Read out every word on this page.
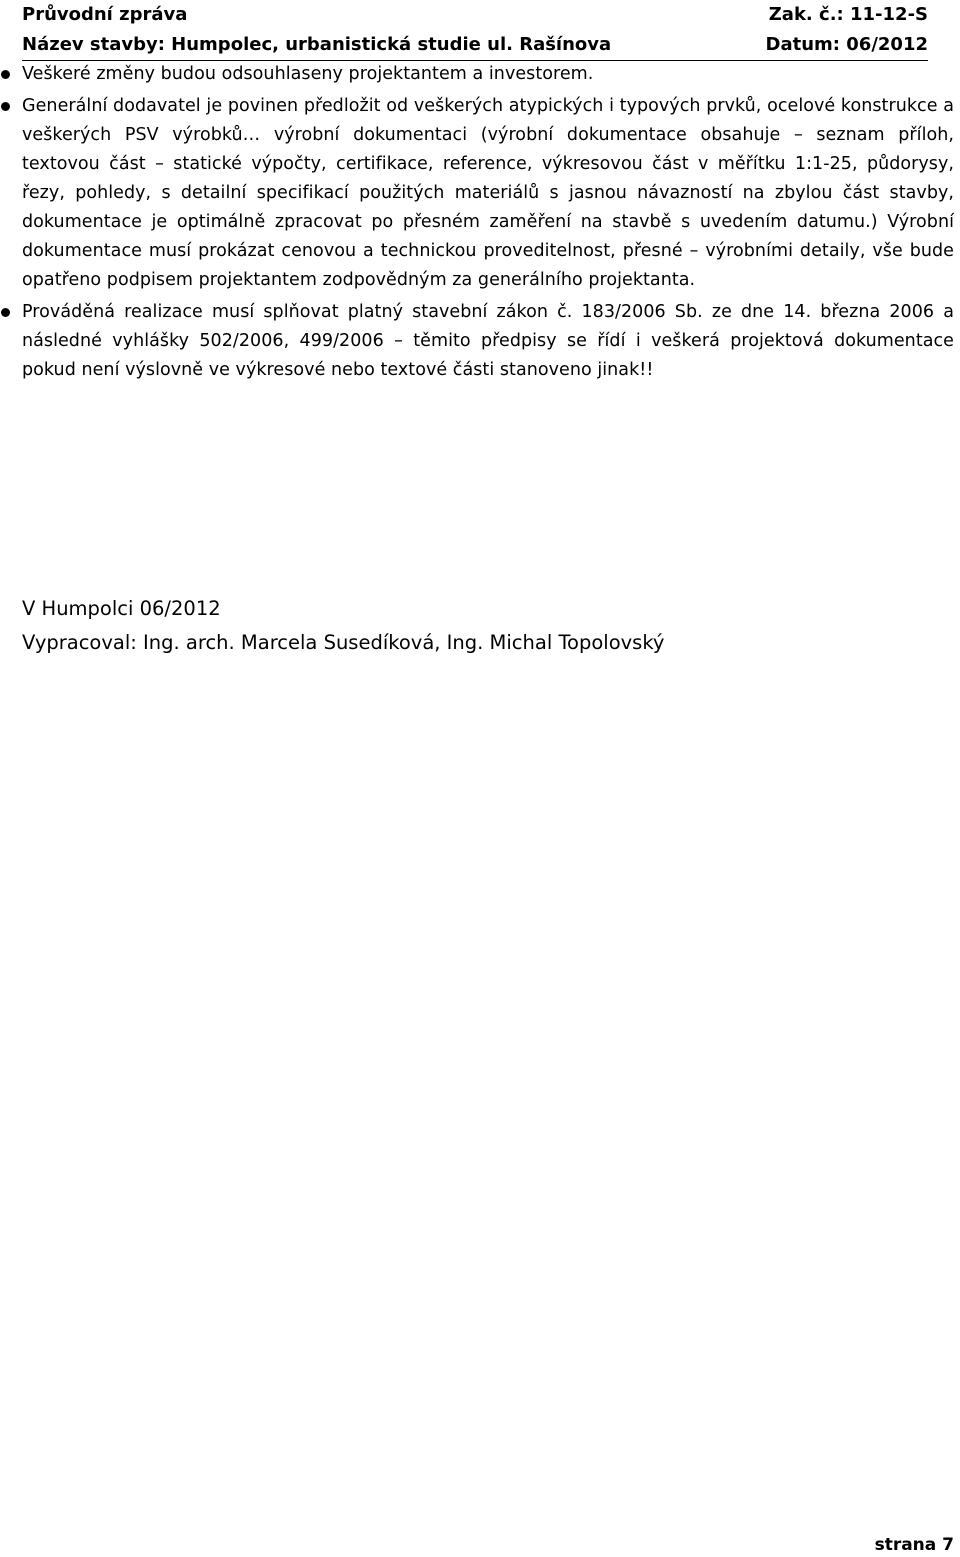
Průvodní zpráva	Zak. č.: 11-12-S
Název stavby: Humpolec, urbanistická studie ul. Rašínova	Datum: 06/2012
Veškeré změny budou odsouhlaseny projektantem a investorem.
Generální dodavatel je povinen předložit od veškerých atypických i typových prvků, ocelové konstrukce a veškerých PSV výrobků… výrobní dokumentaci (výrobní dokumentace obsahuje – seznam příloh, textovou část – statické výpočty, certifikace, reference, výkresovou část v měřítku 1:1-25, půdorysy, řezy, pohledy, s detailní specifikací použitých materiálů s jasnou návazností na zbylou část stavby, dokumentace je optimálně zpracovat po přesném zaměření na stavbě s uvedením datumu.) Výrobní dokumentace musí prokázat cenovou a technickou proveditelnost, přesné – výrobními detaily, vše bude opatřeno podpisem projektantem zodpovědným za generálního projektanta.
Prováděná realizace musí splňovat platný stavební zákon č. 183/2006 Sb. ze dne 14. března 2006 a následné vyhlášky 502/2006, 499/2006 – těmito předpisy se řídí i veškerá projektová dokumentace pokud není výslovně ve výkresové nebo textové části stanoveno jinak!!
V Humpolci 06/2012
Vypracoval: Ing. arch. Marcela Susedíková, Ing. Michal Topolovský
strana 7
